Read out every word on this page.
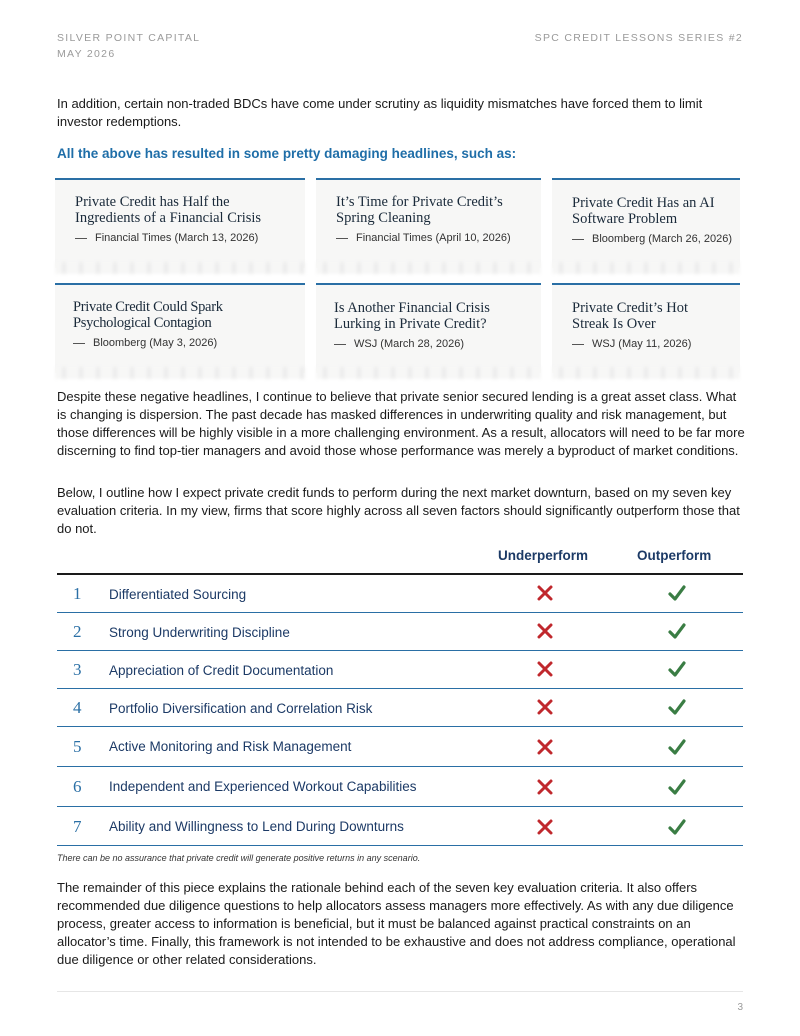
SILVER POINT CAPITAL
MAY 2026
SPC CREDIT LESSONS SERIES #2

In addition, certain non-traded BDCs have come under scrutiny as liquidity mismatches have forced them to limit investor redemptions.

All the above has resulted in some pretty damaging headlines, such as:
Private Credit has Half the Ingredients of a Financial Crisis
Financial Times (March 13, 2026)
It’s Time for Private Credit’s Spring Cleaning
Financial Times (April 10, 2026)
Private Credit Has an AI Software Problem
Bloomberg (March 26, 2026)
Private Credit Could Spark Psychological Contagion
Bloomberg (May 3, 2026)
Is Another Financial Crisis Lurking in Private Credit?
WSJ (March 28, 2026)
Private Credit’s Hot Streak Is Over
WSJ (May 11, 2026)

Despite these negative headlines, I continue to believe that private senior secured lending is a great asset class. What is changing is dispersion. The past decade has masked differences in underwriting quality and risk management, but those differences will be highly visible in a more challenging environment. As a result, allocators will need to be far more discerning to find top-tier managers and avoid those whose performance was merely a byproduct of market conditions.

Below, I outline how I expect private credit funds to perform during the next market downturn, based on my seven key evaluation criteria. In my view, firms that score highly across all seven factors should significantly outperform those that do not.

Underperform	Outperform
1 Differentiated Sourcing
2 Strong Underwriting Discipline
3 Appreciation of Credit Documentation
4 Portfolio Diversification and Correlation Risk
5 Active Monitoring and Risk Management
6 Independent and Experienced Workout Capabilities
7 Ability and Willingness to Lend During Downturns
There can be no assurance that private credit will generate positive returns in any scenario.

The remainder of this piece explains the rationale behind each of the seven key evaluation criteria. It also offers recommended due diligence questions to help allocators assess managers more effectively. As with any due diligence process, greater access to information is beneficial, but it must be balanced against practical constraints on an allocator’s time. Finally, this framework is not intended to be exhaustive and does not address compliance, operational due diligence or other related considerations.

3
